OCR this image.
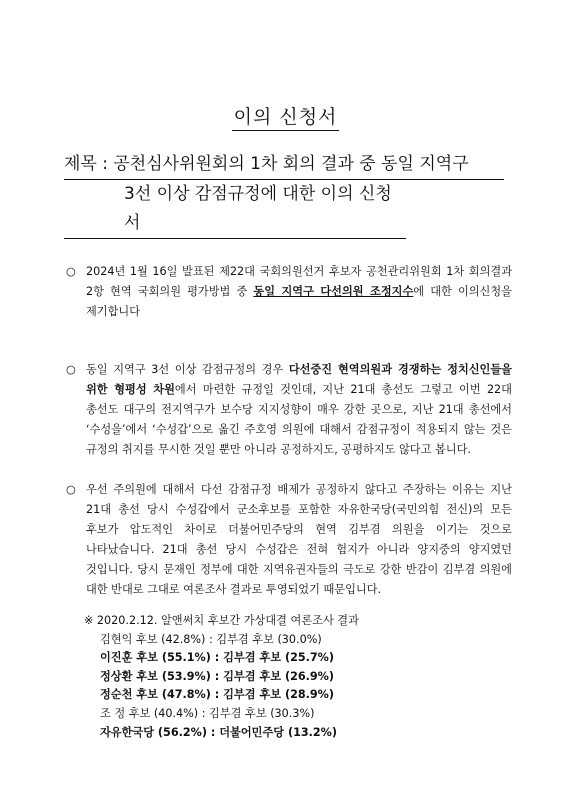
이의 신청서
제목 : 공천심사위원회의 1차 회의 결과 중 동일 지역구
3선 이상 감점규정에 대한 이의 신청서
○ 2024년 1월 16일 발표된 제22대 국회의원선거 후보자 공천관리위원회 1차 회의결과 2항 현역 국회의원 평가방법 중 동일 지역구 다선의원 조정지수에 대한 이의신청을 제기합니다
○ 동일 지역구 3선 이상 감점규정의 경우 다선중진 현역의원과 경쟁하는 정치신인들을 위한 형평성 차원에서 마련한 규정일 것인데, 지난 21대 총선도 그렇고 이번 22대 총선도 대구의 전지역구가 보수당 지지성향이 매우 강한 곳으로, 지난 21대 총선에서 ‘수성을’에서 ‘수성갑’으로 옮긴 주호영 의원에 대해서 감점규정이 적용되지 않는 것은 규정의 취지를 무시한 것일 뿐만 아니라 공정하지도, 공평하지도 않다고 봅니다.
○ 우선 주의원에 대해서 다선 감점규정 배제가 공정하지 않다고 주장하는 이유는 지난 21대 총선 당시 수성갑에서 군소후보를 포함한 자유한국당(국민의힘 전신)의 모든 후보가 압도적인 차이로 더불어민주당의 현역 김부겸 의원을 이기는 것으로 나타났습니다. 21대 총선 당시 수성갑은 전혀 험지가 아니라 양지중의 양지였던 것입니다. 당시 문재인 정부에 대한 지역유권자들의 극도로 강한 반감이 김부겸 의원에 대한 반대로 그대로 여론조사 결과로 투영되었기 때문입니다.
※ 2020.2.12. 알앤써치 후보간 가상대결 여론조사 결과
김현익 후보 (42.8%) : 김부겸 후보 (30.0%)
이진훈 후보 (55.1%) : 김부겸 후보 (25.7%)
정상환 후보 (53.9%) : 김부겸 후보 (26.9%)
정순천 후보 (47.8%) : 김부겸 후보 (28.9%)
조 정 후보 (40.4%) : 김부겸 후보 (30.3%)
자유한국당 (56.2%) : 더불어민주당 (13.2%)
